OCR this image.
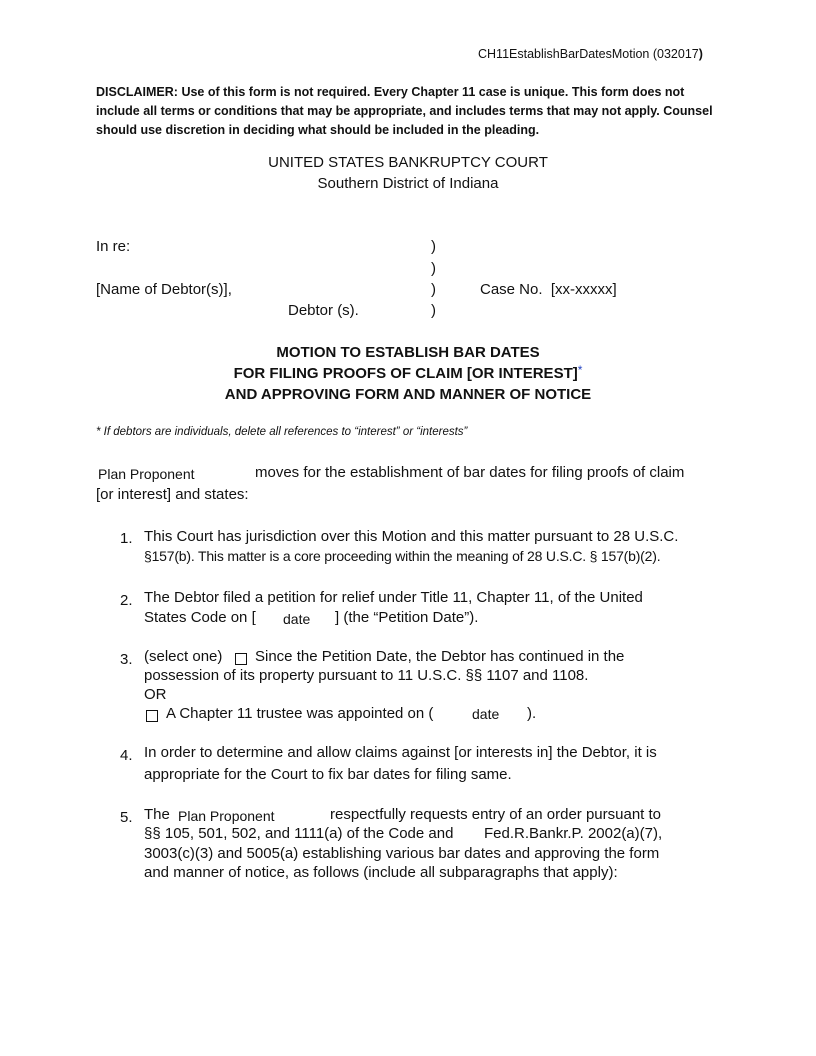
CH11EstablishBarDatesMotion (032017)
DISCLAIMER: Use of this form is not required. Every Chapter 11 case is unique. This form does not include all terms or conditions that may be appropriate, and includes terms that may not apply. Counsel should use discretion in deciding what should be included in the pleading.
UNITED STATES BANKRUPTCY COURT
Southern District of Indiana
In re:
[Name of Debtor(s)],
Debtor (s).
)
)
)
)
Case No. [xx-xxxxx]
MOTION TO ESTABLISH BAR DATES
FOR FILING PROOFS OF CLAIM [OR INTEREST]*
AND APPROVING FORM AND MANNER OF NOTICE
* If debtors are individuals, delete all references to “interest” or “interests”
Plan Proponent	moves for the establishment of bar dates for filing proofs of claim
[or interest] and states:
1. This Court has jurisdiction over this Motion and this matter pursuant to 28 U.S.C.
§157(b). This matter is a core proceeding within the meaning of 28 U.S.C. § 157(b)(2).
2. The Debtor filed a petition for relief under Title 11, Chapter 11, of the United
States Code on [ date ] (the “Petition Date”).
3. (select one) Since the Petition Date, the Debtor has continued in the
possession of its property pursuant to 11 U.S.C. §§ 1107 and 1108.
OR
A Chapter 11 trustee was appointed on (	date ).
4. In order to determine and allow claims against [or interests in] the Debtor, it is
appropriate for the Court to fix bar dates for filing same.
5. The Plan Proponent	respectfully requests entry of an order pursuant to
§§ 105, 501, 502, and 1111(a) of the Code and Fed.R.Bankr.P. 2002(a)(7),
3003(c)(3) and 5005(a) establishing various bar dates and approving the form
and manner of notice, as follows (include all subparagraphs that apply):
